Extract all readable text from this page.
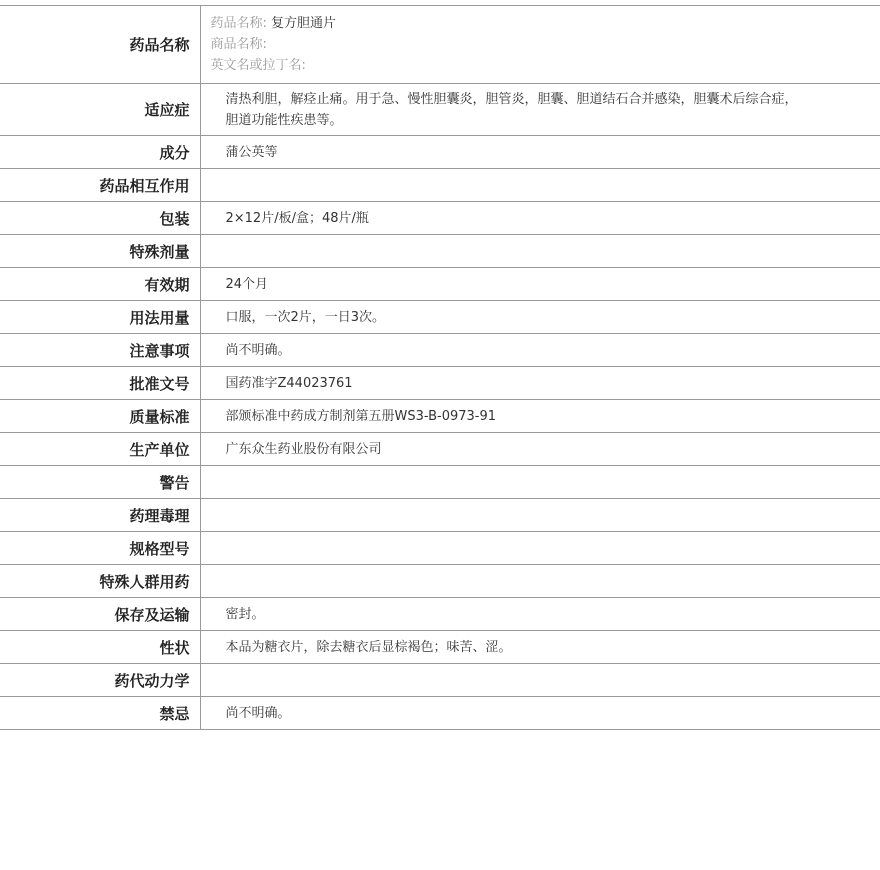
药品名称	药品名称: 复方胆通片
商品名称:
英文名或拉丁名:

适应症	清热利胆，解痉止痛。用于急、慢性胆囊炎，胆管炎，胆囊、胆道结石合并感染，胆囊术后综合症，胆道功能性疾患等。
成分	蒲公英等
药品相互作用	
包装	2×12片/板/盒；48片/瓶
特殊剂量	
有效期	24个月
用法用量	口服，一次2片，一日3次。
注意事项	尚不明确。
批准文号	国药准字Z44023761
质量标准	部颁标准中药成方制剂第五册WS3-B-0973-91
生产单位	广东众生药业股份有限公司
警告	
药理毒理	
规格型号	
特殊人群用药	
保存及运输	密封。
性状	本品为糖衣片，除去糖衣后显棕褐色；味苦、涩。
药代动力学	
禁忌	尚不明确。
